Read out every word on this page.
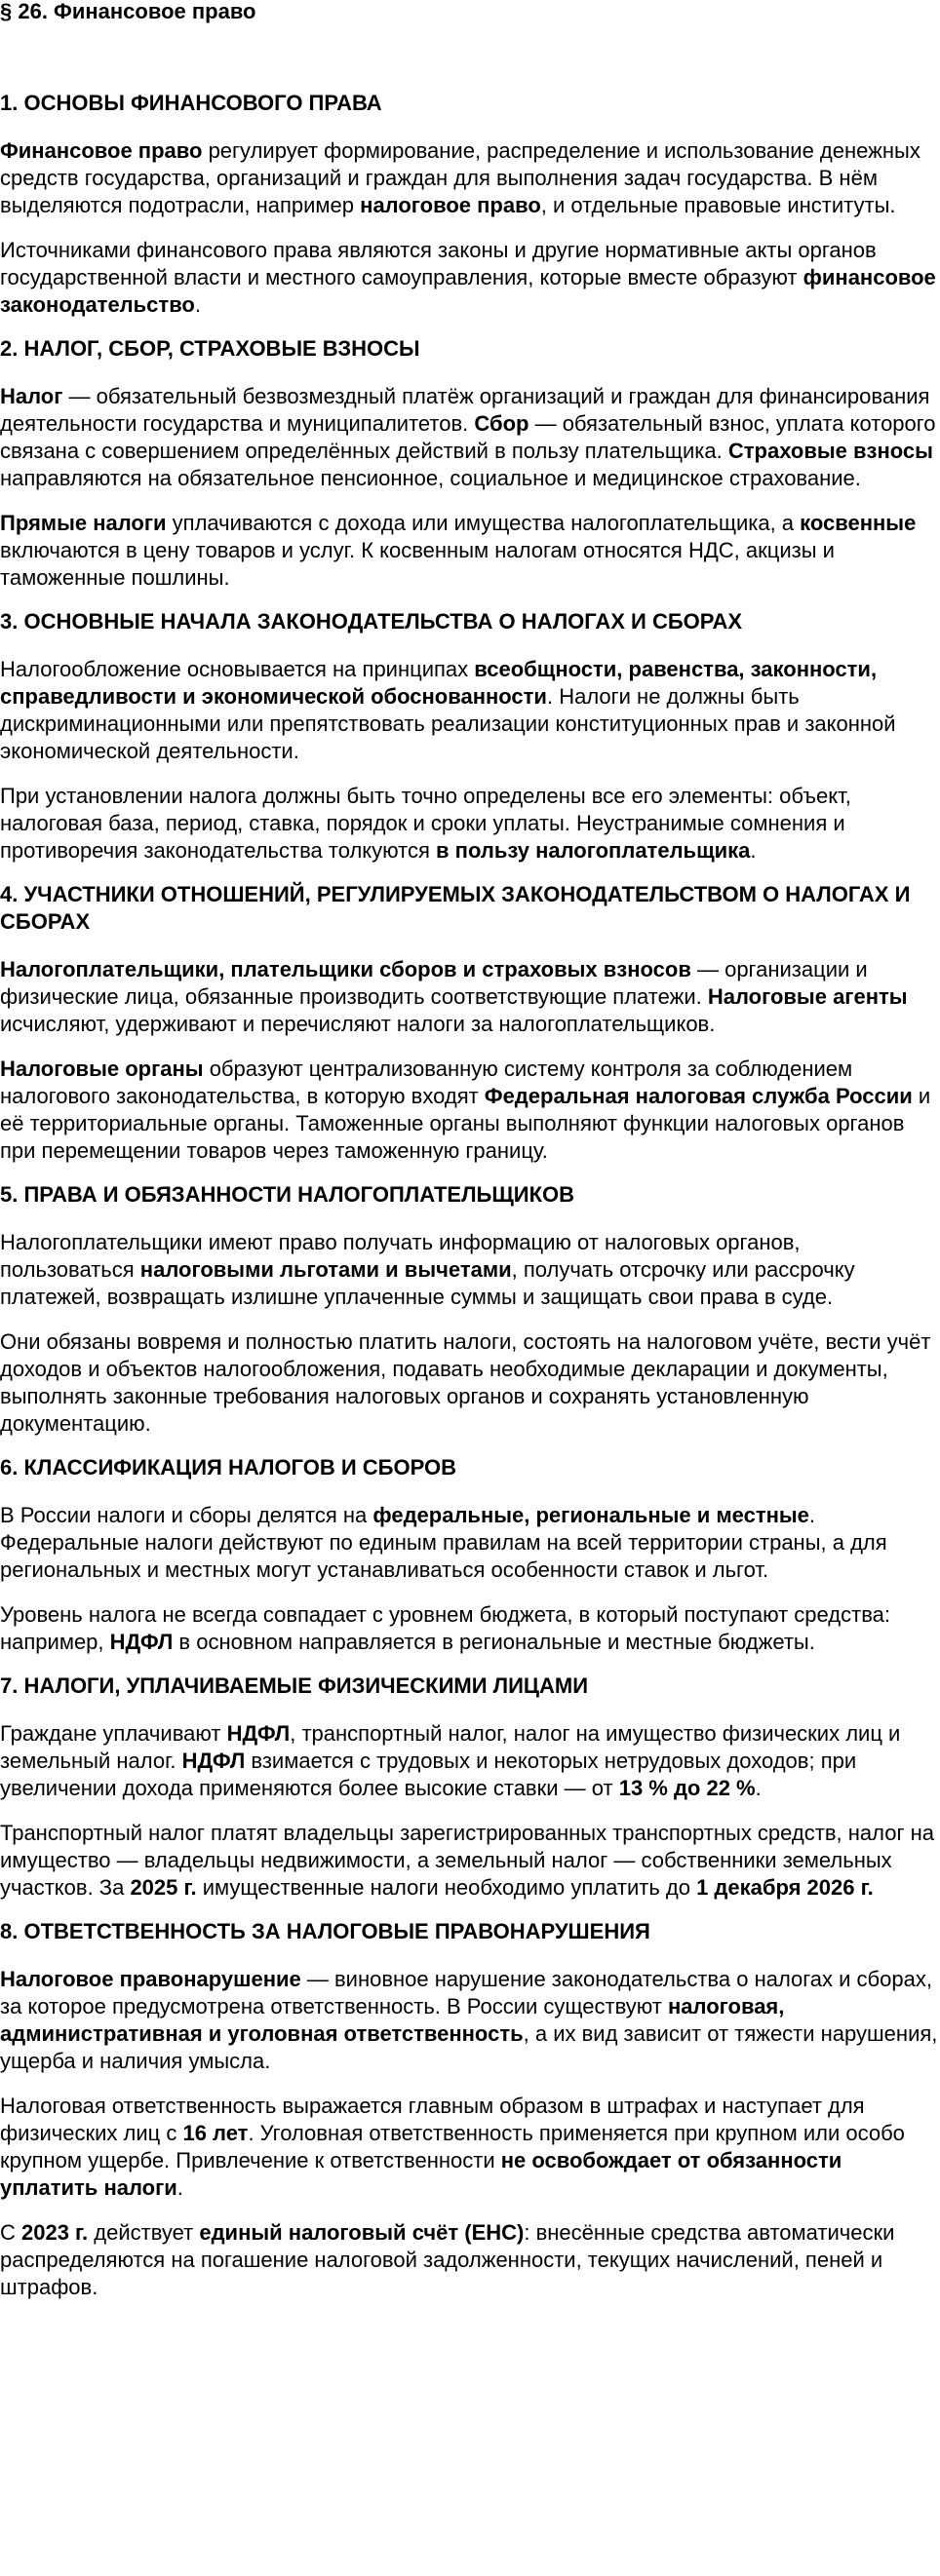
§ 26. Финансовое право
1. ОСНОВЫ ФИНАНСОВОГО ПРАВА

Финансовое право регулирует формирование, распределение и использование денежных средств государства, организаций и граждан для выполнения задач государства. В нём выделяются подотрасли, например налоговое право, и отдельные правовые институты.

Источниками финансового права являются законы и другие нормативные акты органов государственной власти и местного самоуправления, которые вместе образуют финансовое законодательство.

2. НАЛОГ, СБОР, СТРАХОВЫЕ ВЗНОСЫ

Налог — обязательный безвозмездный платёж организаций и граждан для финансирования деятельности государства и муниципалитетов. Сбор — обязательный взнос, уплата которого связана с совершением определённых действий в пользу плательщика. Страховые взносы направляются на обязательное пенсионное, социальное и медицинское страхование.

Прямые налоги уплачиваются с дохода или имущества налогоплательщика, а косвенные включаются в цену товаров и услуг. К косвенным налогам относятся НДС, акцизы и таможенные пошлины.

3. ОСНОВНЫЕ НАЧАЛА ЗАКОНОДАТЕЛЬСТВА О НАЛОГАХ И СБОРАХ

Налогообложение основывается на принципах всеобщности, равенства, законности, справедливости и экономической обоснованности. Налоги не должны быть дискриминационными или препятствовать реализации конституционных прав и законной экономической деятельности.

При установлении налога должны быть точно определены все его элементы: объект, налоговая база, период, ставка, порядок и сроки уплаты. Неустранимые сомнения и противоречия законодательства толкуются в пользу налогоплательщика.

4. УЧАСТНИКИ ОТНОШЕНИЙ, РЕГУЛИРУЕМЫХ ЗАКОНОДАТЕЛЬСТВОМ О НАЛОГАХ И СБОРАХ

Налогоплательщики, плательщики сборов и страховых взносов — организации и физические лица, обязанные производить соответствующие платежи. Налоговые агенты исчисляют, удерживают и перечисляют налоги за налогоплательщиков.

Налоговые органы образуют централизованную систему контроля за соблюдением налогового законодательства, в которую входят Федеральная налоговая служба России и её территориальные органы. Таможенные органы выполняют функции налоговых органов при перемещении товаров через таможенную границу.

5. ПРАВА И ОБЯЗАННОСТИ НАЛОГОПЛАТЕЛЬЩИКОВ

Налогоплательщики имеют право получать информацию от налоговых органов, пользоваться налоговыми льготами и вычетами, получать отсрочку или рассрочку платежей, возвращать излишне уплаченные суммы и защищать свои права в суде.

Они обязаны вовремя и полностью платить налоги, состоять на налоговом учёте, вести учёт доходов и объектов налогообложения, подавать необходимые декларации и документы, выполнять законные требования налоговых органов и сохранять установленную документацию.

6. КЛАССИФИКАЦИЯ НАЛОГОВ И СБОРОВ

В России налоги и сборы делятся на федеральные, региональные и местные. Федеральные налоги действуют по единым правилам на всей территории страны, а для региональных и местных могут устанавливаться особенности ставок и льгот.

Уровень налога не всегда совпадает с уровнем бюджета, в который поступают средства: например, НДФЛ в основном направляется в региональные и местные бюджеты.

7. НАЛОГИ, УПЛАЧИВАЕМЫЕ ФИЗИЧЕСКИМИ ЛИЦАМИ

Граждане уплачивают НДФЛ, транспортный налог, налог на имущество физических лиц и земельный налог. НДФЛ взимается с трудовых и некоторых нетрудовых доходов; при увеличении дохода применяются более высокие ставки — от 13 % до 22 %.

Транспортный налог платят владельцы зарегистрированных транспортных средств, налог на имущество — владельцы недвижимости, а земельный налог — собственники земельных участков. За 2025 г. имущественные налоги необходимо уплатить до 1 декабря 2026 г.

8. ОТВЕТСТВЕННОСТЬ ЗА НАЛОГОВЫЕ ПРАВОНАРУШЕНИЯ

Налоговое правонарушение — виновное нарушение законодательства о налогах и сборах, за которое предусмотрена ответственность. В России существуют налоговая, административная и уголовная ответственность, а их вид зависит от тяжести нарушения, ущерба и наличия умысла.

Налоговая ответственность выражается главным образом в штрафах и наступает для физических лиц с 16 лет. Уголовная ответственность применяется при крупном или особо крупном ущербе. Привлечение к ответственности не освобождает от обязанности уплатить налоги.

С 2023 г. действует единый налоговый счёт (ЕНС): внесённые средства автоматически распределяются на погашение налоговой задолженности, текущих начислений, пеней и штрафов.
